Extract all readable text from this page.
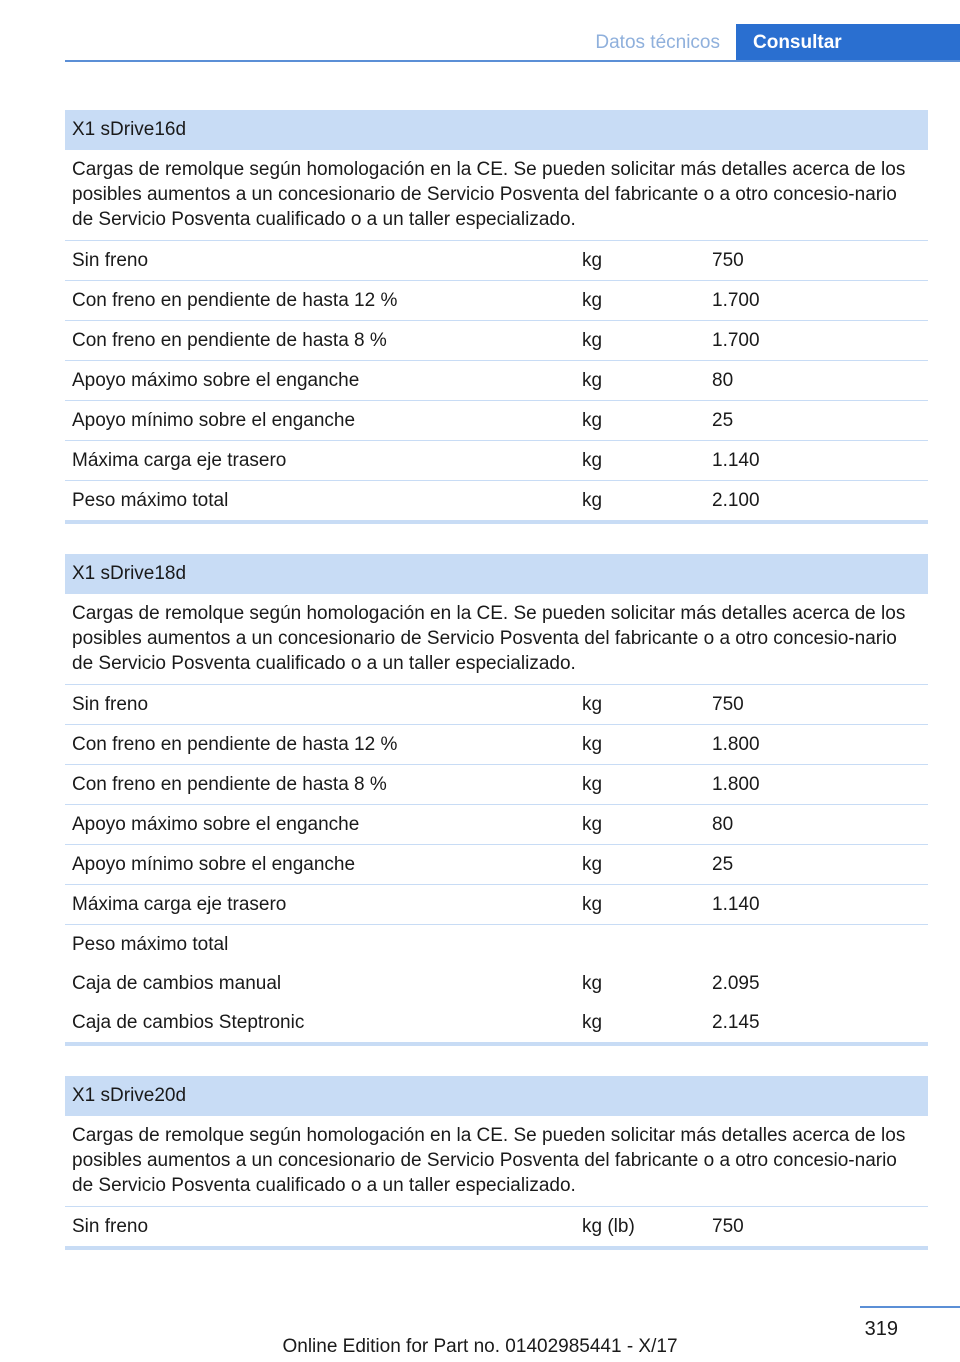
Datos técnicos	Consultar
X1 sDrive16d
Cargas de remolque según homologación en la CE. Se pueden solicitar más detalles acerca de los posibles aumentos a un concesionario de Servicio Posventa del fabricante o a otro concesio-nario de Servicio Posventa cualificado o a un taller especializado.
Sin freno	kg	750
Con freno en pendiente de hasta 12 %	kg	1.700
Con freno en pendiente de hasta 8 %	kg	1.700
Apoyo máximo sobre el enganche	kg	80
Apoyo mínimo sobre el enganche	kg	25
Máxima carga eje trasero	kg	1.140
Peso máximo total	kg	2.100
X1 sDrive18d
Cargas de remolque según homologación en la CE. Se pueden solicitar más detalles acerca de los posibles aumentos a un concesionario de Servicio Posventa del fabricante o a otro concesio-nario de Servicio Posventa cualificado o a un taller especializado.
Sin freno	kg	750
Con freno en pendiente de hasta 12 %	kg	1.800
Con freno en pendiente de hasta 8 %	kg	1.800
Apoyo máximo sobre el enganche	kg	80
Apoyo mínimo sobre el enganche	kg	25
Máxima carga eje trasero	kg	1.140
Peso máximo total
Caja de cambios manual	kg	2.095
Caja de cambios Steptronic	kg	2.145
X1 sDrive20d
Cargas de remolque según homologación en la CE. Se pueden solicitar más detalles acerca de los posibles aumentos a un concesionario de Servicio Posventa del fabricante o a otro concesio-nario de Servicio Posventa cualificado o a un taller especializado.
Sin freno	kg (lb)	750
319
Online Edition for Part no. 01402985441 - X/17
